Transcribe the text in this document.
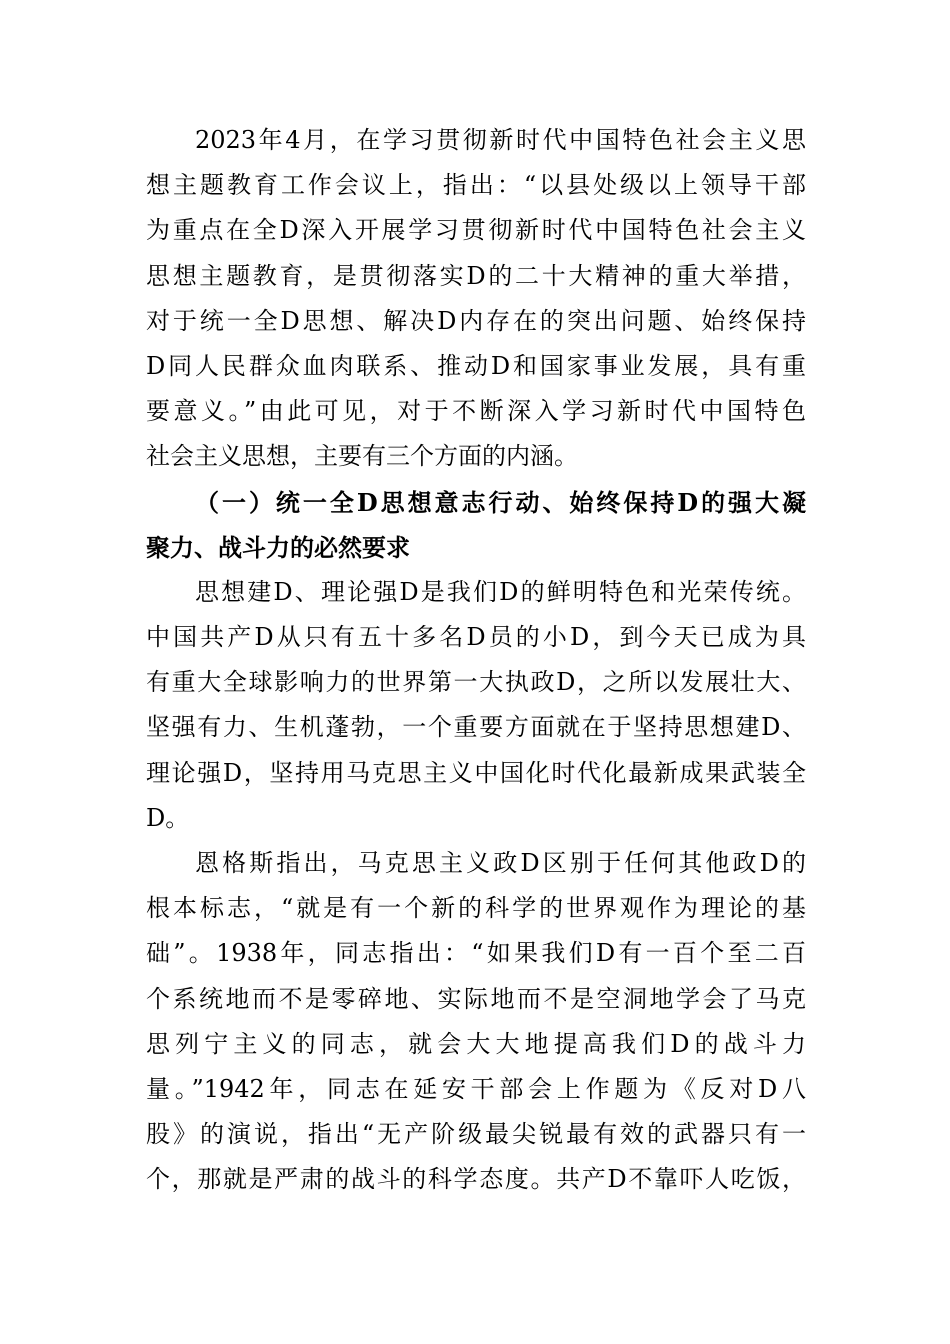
2023年4月，在学习贯彻新时代中国特色社会主义思
想主题教育工作会议上，指出：“以县处级以上领导干部
为重点在全D深入开展学习贯彻新时代中国特色社会主义
思想主题教育，是贯彻落实D的二十大精神的重大举措，
对于统一全D思想、解决D内存在的突出问题、始终保持
D同人民群众血肉联系、推动D和国家事业发展，具有重
要意义。”由此可见，对于不断深入学习新时代中国特色
社会主义思想，主要有三个方面的内涵。
（一）统一全D思想意志行动、始终保持D的强大凝
聚力、战斗力的必然要求
思想建D、理论强D是我们D的鲜明特色和光荣传统。
中国共产D从只有五十多名D员的小D，到今天已成为具
有重大全球影响力的世界第一大执政D，之所以发展壮大、
坚强有力、生机蓬勃，一个重要方面就在于坚持思想建D、
理论强D，坚持用马克思主义中国化时代化最新成果武装全
D。
恩格斯指出，马克思主义政D区别于任何其他政D的
根本标志，“就是有一个新的科学的世界观作为理论的基
础”。1938年，同志指出：“如果我们D有一百个至二百
个系统地而不是零碎地、实际地而不是空洞地学会了马克
思列宁主义的同志，就会大大地提高我们D的战斗力
量。”1942年，同志在延安干部会上作题为《反对D八
股》的演说，指出“无产阶级最尖锐最有效的武器只有一
个，那就是严肃的战斗的科学态度。共产D不靠吓人吃饭，
